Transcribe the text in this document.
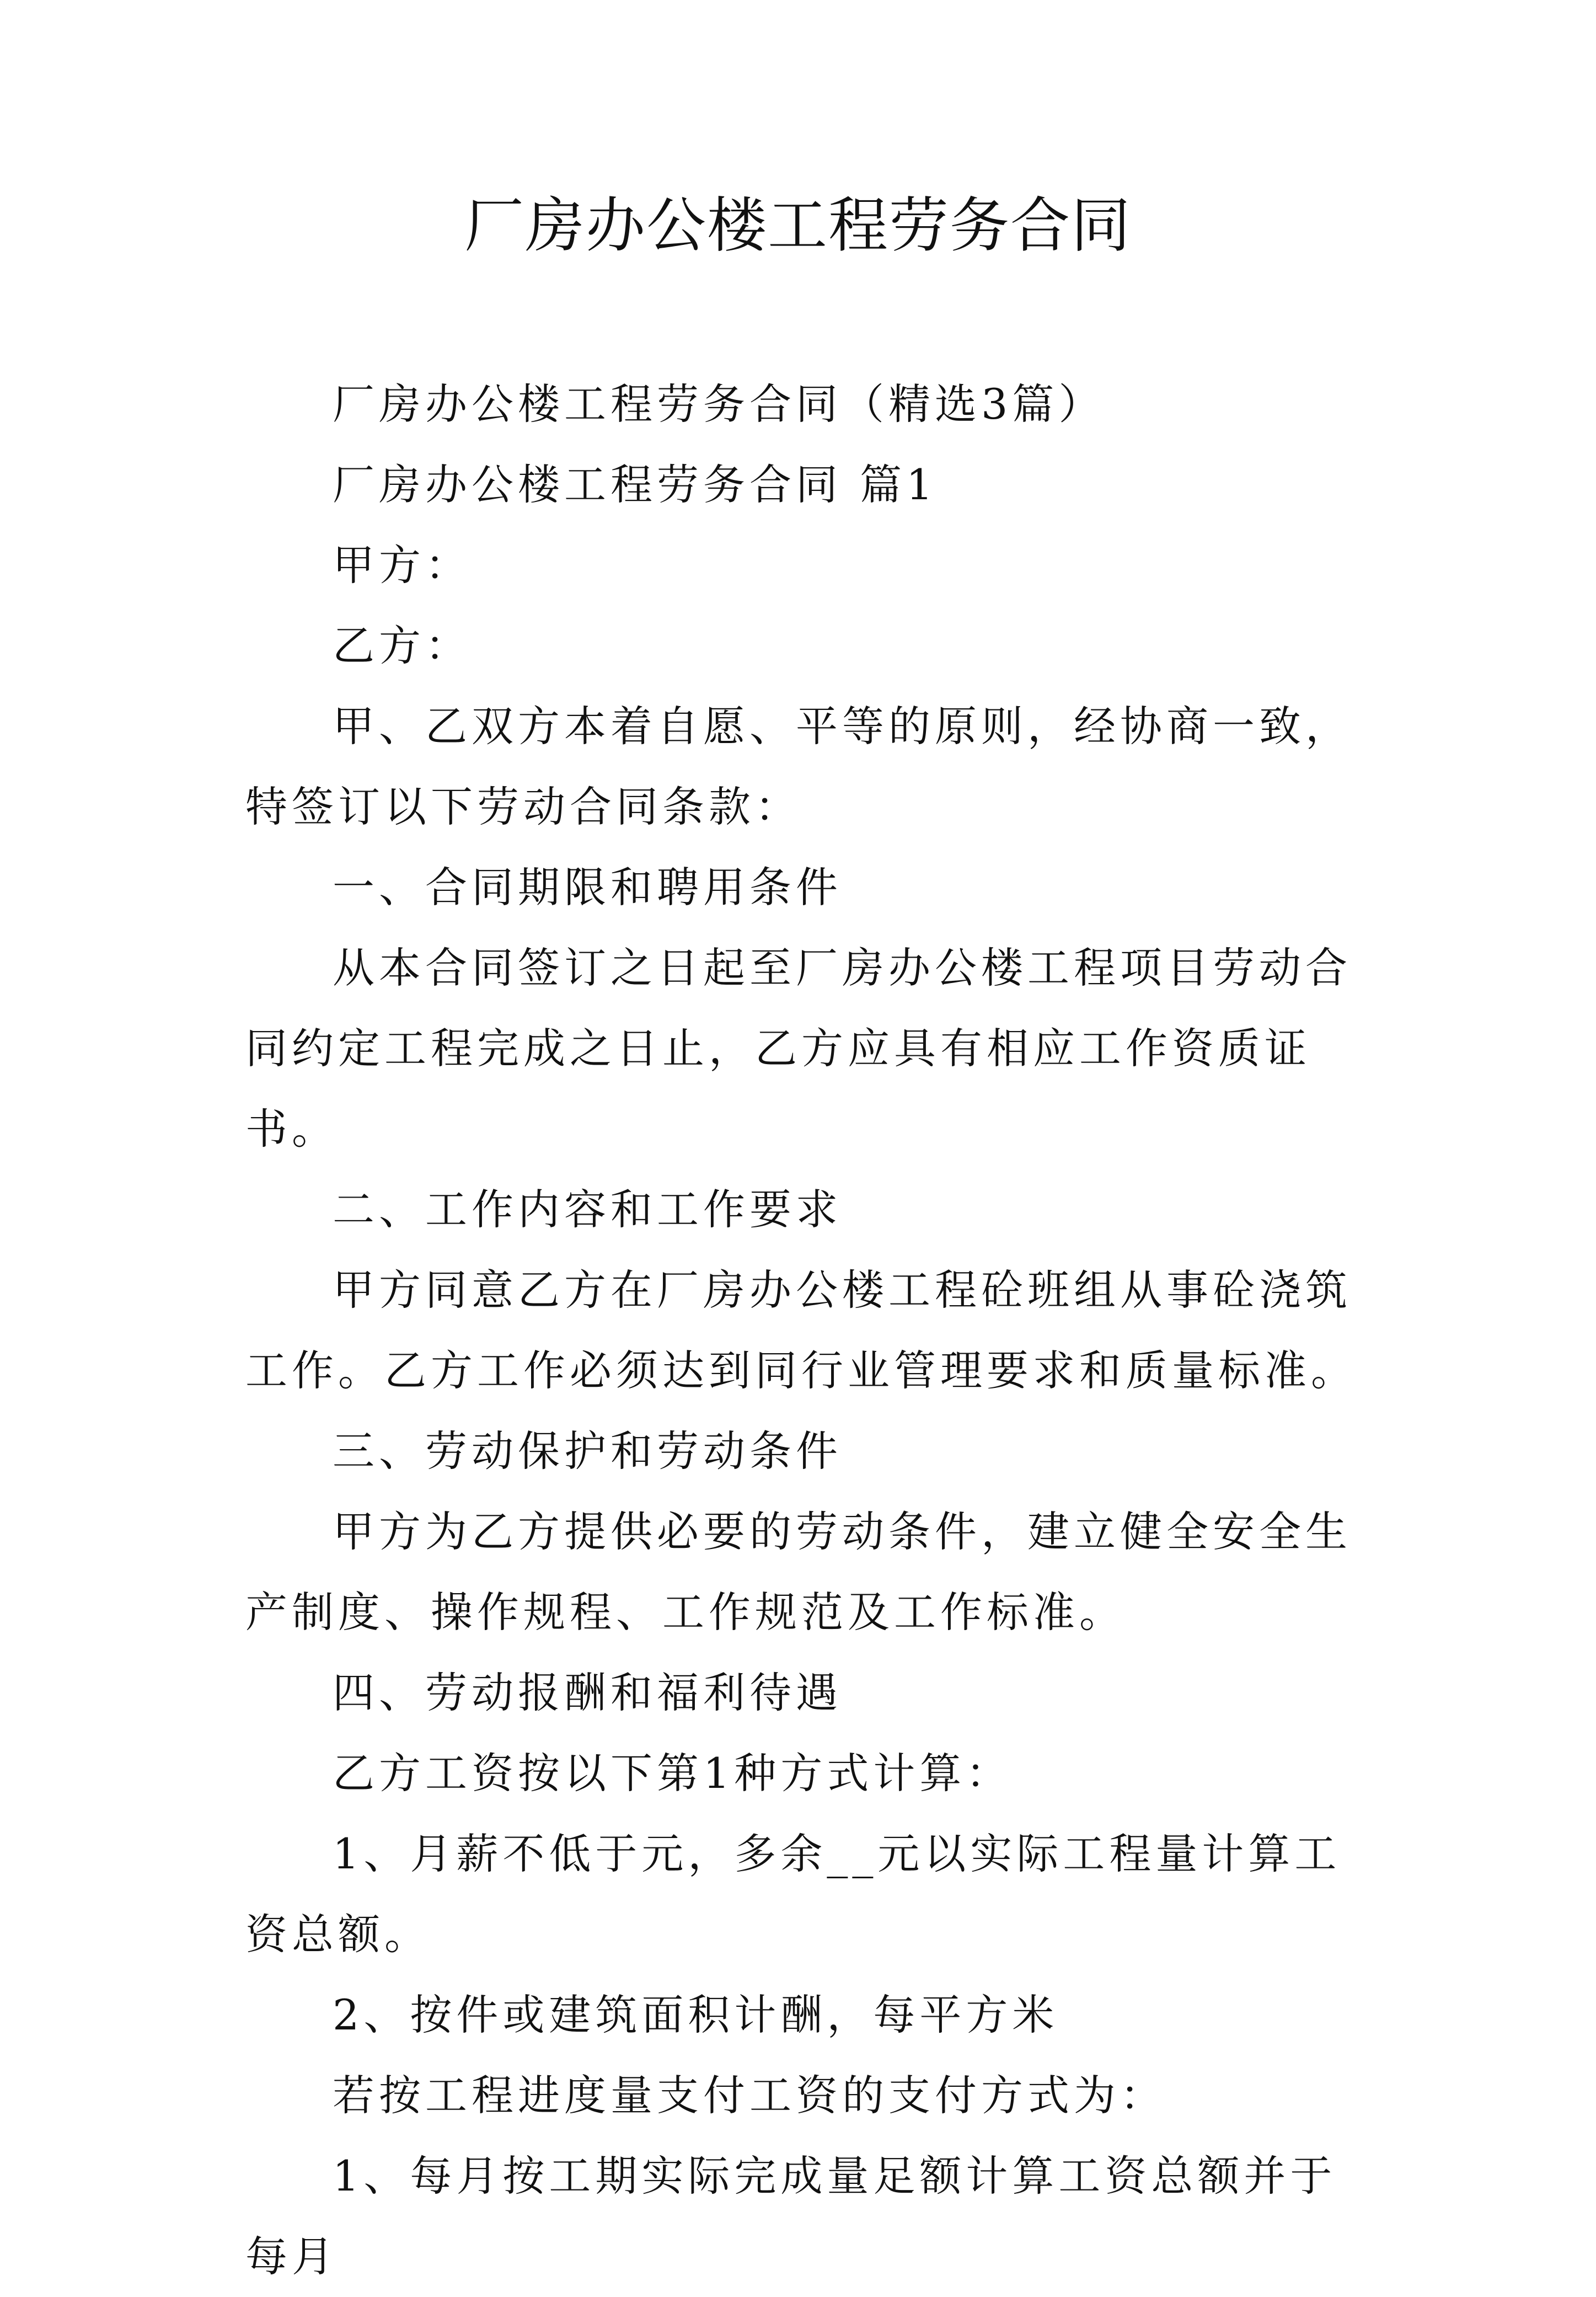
厂房办公楼工程劳务合同

厂房办公楼工程劳务合同（精选3篇）

厂房办公楼工程劳务合同 篇1

甲方：

乙方：

甲、乙双方本着自愿、平等的原则，经协商一致，特签订以下劳动合同条款：

一、合同期限和聘用条件

从本合同签订之日起至厂房办公楼工程项目劳动合同约定工程完成之日止，乙方应具有相应工作资质证书。

二、工作内容和工作要求

甲方同意乙方在厂房办公楼工程砼班组从事砼浇筑工作。乙方工作必须达到同行业管理要求和质量标准。

三、劳动保护和劳动条件

甲方为乙方提供必要的劳动条件，建立健全安全生产制度、操作规程、工作规范及工作标准。

四、劳动报酬和福利待遇

乙方工资按以下第1种方式计算：

1、月薪不低于元，多余__元以实际工程量计算工资总额。

2、按件或建筑面积计酬，每平方米

若按工程进度量支付工资的支付方式为：

1、每月按工期实际完成量足额计算工资总额并于每月
